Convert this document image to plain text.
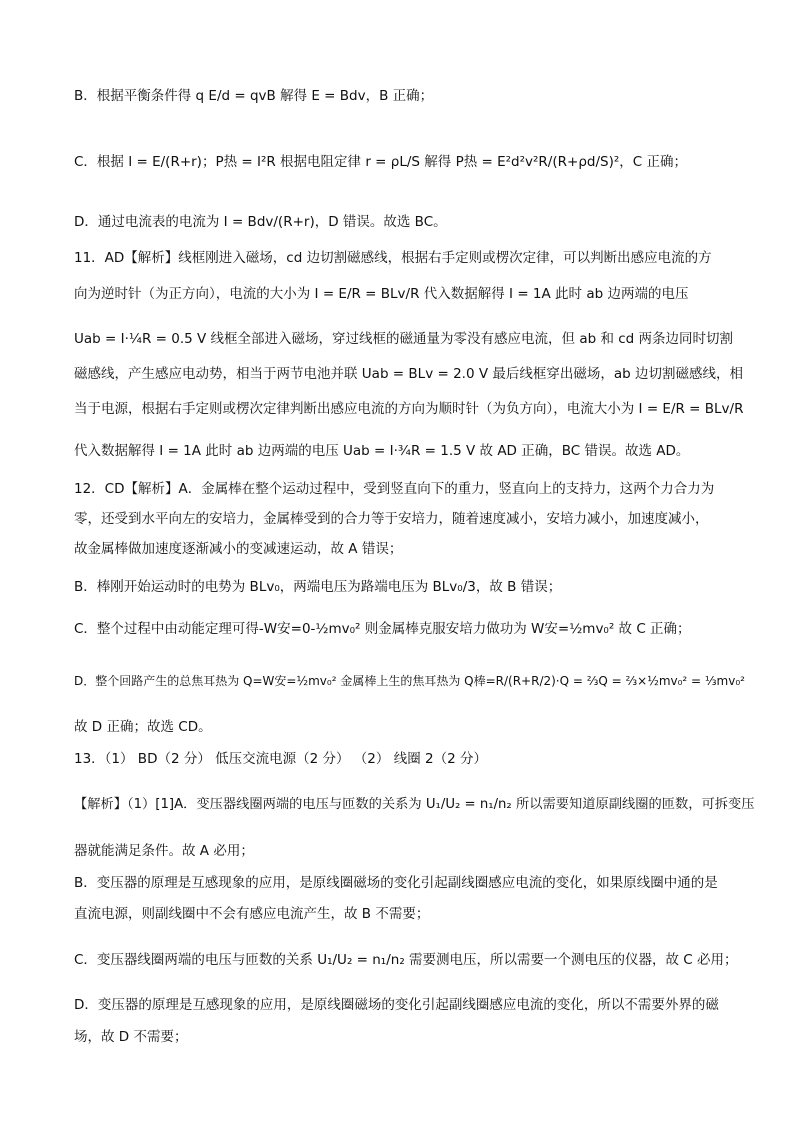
B．根据平衡条件得 q E/d = qvB 解得 E = Bdv，B 正确；
C．根据 I = E/(R+r)；P热 = I²R 根据电阻定律 r = ρL/S 解得 P热 = E²d²v²R/(R+ρd/S)²，C 正确；
D．通过电流表的电流为 I = Bdv/(R+r)，D 错误。故选 BC。
11．AD【解析】线框刚进入磁场，cd 边切割磁感线，根据右手定则或楞次定律，可以判断出感应电流的方
向为逆时针（为正方向），电流的大小为 I = E/R = BLv/R 代入数据解得 I = 1A 此时 ab 边两端的电压
Uab = I·¼R = 0.5 V 线框全部进入磁场，穿过线框的磁通量为零没有感应电流，但 ab 和 cd 两条边同时切割
磁感线，产生感应电动势，相当于两节电池并联 Uab = BLv = 2.0 V 最后线框穿出磁场，ab 边切割磁感线，相
当于电源，根据右手定则或楞次定律判断出感应电流的方向为顺时针（为负方向），电流大小为 I = E/R = BLv/R
代入数据解得 I = 1A 此时 ab 边两端的电压 Uab = I·¾R = 1.5 V 故 AD 正确，BC 错误。故选 AD。
12．CD【解析】A．金属棒在整个运动过程中，受到竖直向下的重力，竖直向上的支持力，这两个力合力为
零，还受到水平向左的安培力，金属棒受到的合力等于安培力，随着速度减小，安培力减小，加速度减小，
故金属棒做加速度逐渐减小的变减速运动，故 A 错误；
B．棒刚开始运动时的电势为 BLv₀，两端电压为路端电压为 BLv₀/3，故 B 错误；
C．整个过程中由动能定理可得-W安=0-½mv₀² 则金属棒克服安培力做功为 W安=½mv₀² 故 C 正确；
D．整个回路产生的总焦耳热为 Q=W安=½mv₀² 金属棒上生的焦耳热为 Q棒=R/(R+R/2)·Q = ⅔Q = ⅔×½mv₀² = ⅓mv₀²
故 D 正确；故选 CD。
13．（1） BD（2 分） 低压交流电源（2 分） （2） 线圈 2（2 分）
【解析】（1）[1]A．变压器线圈两端的电压与匝数的关系为 U₁/U₂ = n₁/n₂ 所以需要知道原副线圈的匝数，可拆变压
器就能满足条件。故 A 必用；
B．变压器的原理是互感现象的应用，是原线圈磁场的变化引起副线圈感应电流的变化，如果原线圈中通的是
直流电源，则副线圈中不会有感应电流产生，故 B 不需要；
C．变压器线圈两端的电压与匝数的关系 U₁/U₂ = n₁/n₂ 需要测电压，所以需要一个测电压的仪器，故 C 必用；
D．变压器的原理是互感现象的应用，是原线圈磁场的变化引起副线圈感应电流的变化，所以不需要外界的磁
场，故 D 不需要；
